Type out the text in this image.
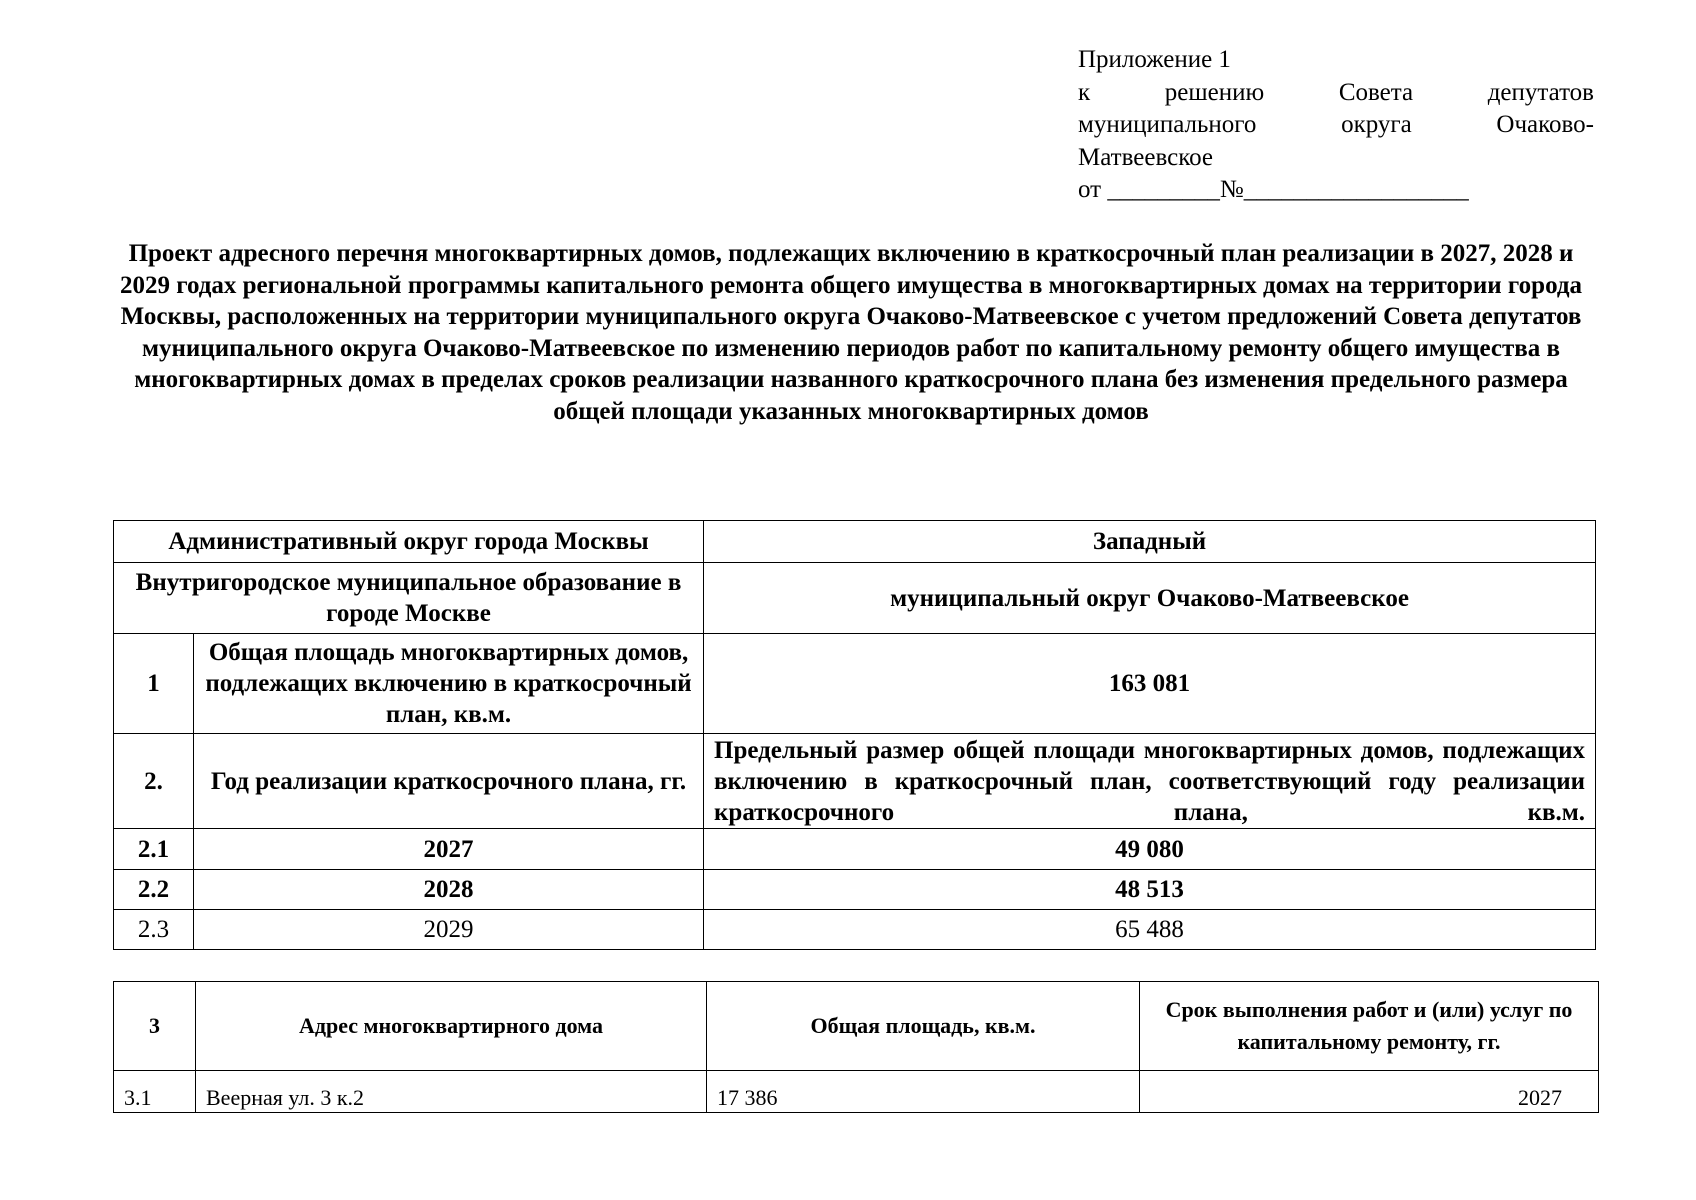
Приложение 1
к решению Совета депутатов
муниципального округа Очаково-
Матвеевское
от _________№__________________
Проект адресного перечня многоквартирных домов, подлежащих включению в краткосрочный план реализации в 2027, 2028 и 2029 годах региональной программы капитального ремонта общего имущества в многоквартирных домах на территории города Москвы, расположенных на территории муниципального округа Очаково-Матвеевское с учетом предложений Совета депутатов муниципального округа Очаково-Матвеевское по изменению периодов работ по капитальному ремонту общего имущества в многоквартирных домах в пределах сроков реализации названного краткосрочного плана без изменения предельного размера общей площади указанных многоквартирных домов
Административный округ города Москвы		Западный
Внутригородское муниципальное образование в городе Москве		муниципальный округ Очаково-Матвеевское
1	Общая площадь многоквартирных домов, подлежащих включению в краткосрочный план, кв.м.	163 081
2.	Год реализации краткосрочного плана, гг.	Предельный размер общей площади многоквартирных домов, подлежащих включению в краткосрочный план, соответствующий году реализации краткосрочного плана, кв.м.
2.1	2027	49 080
2.2	2028	48 513
2.3	2029	65 488
3	Адрес многоквартирного дома	Общая площадь, кв.м.	Срок выполнения работ и (или) услуг по капитальному ремонту, гг.
3.1	Веерная ул. 3 к.2	17 386	2027
